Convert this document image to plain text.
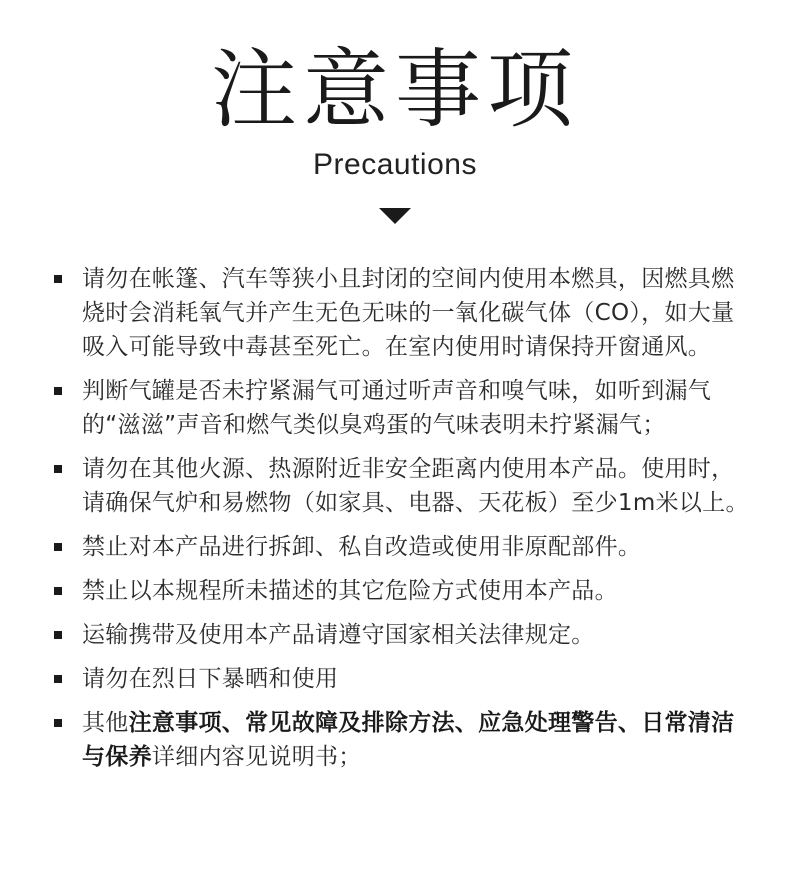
注意事项
Precautions
请勿在帐篷、汽车等狭小且封闭的空间内使用本燃具，因燃具燃烧时会消耗氧气并产生无色无味的一氧化碳气体（CO），如大量吸入可能导致中毒甚至死亡。在室内使用时请保持开窗通风。
判断气罐是否未拧紧漏气可通过听声音和嗅气味，如听到漏气的“滋滋”声音和燃气类似臭鸡蛋的气味表明未拧紧漏气；
请勿在其他火源、热源附近非安全距离内使用本产品。使用时，请确保气炉和易燃物（如家具、电器、天花板）至少1m米以上。
禁止对本产品进行拆卸、私自改造或使用非原配部件。
禁止以本规程所未描述的其它危险方式使用本产品。
运输携带及使用本产品请遵守国家相关法律规定。
请勿在烈日下暴晒和使用
其他注意事项、常见故障及排除方法、应急处理警告、日常清洁与保养详细内容见说明书；
